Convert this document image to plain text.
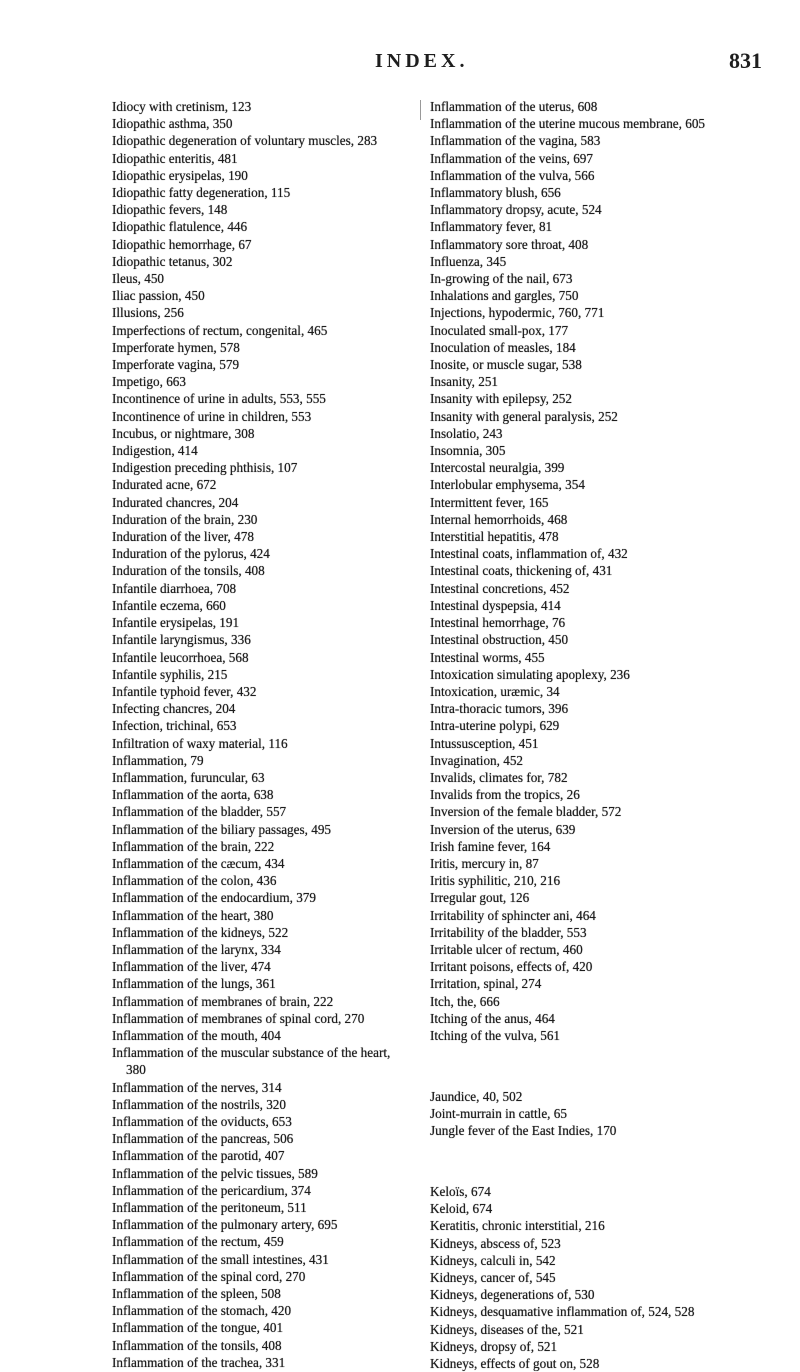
INDEX.	831

Idiocy with cretinism, 123

Idiopathic asthma, 350

Idiopathic degeneration of voluntary muscles, 283

Idiopathic enteritis, 481

Idiopathic erysipelas, 190

Idiopathic fatty degeneration, 115

Idiopathic fevers, 148

Idiopathic flatulence, 446

Idiopathic hemorrhage, 67

Idiopathic tetanus, 302

Ileus, 450

Iliac passion, 450

Illusions, 256

Imperfections of rectum, congenital, 465

Imperforate hymen, 578

Imperforate vagina, 579

Impetigo, 663

Incontinence of urine in adults, 553, 555

Incontinence of urine in children, 553

Incubus, or nightmare, 308

Indigestion, 414

Indigestion preceding phthisis, 107

Indurated acne, 672

Indurated chancres, 204

Induration of the brain, 230

Induration of the liver, 478

Induration of the pylorus, 424

Induration of the tonsils, 408

Infantile diarrhoea, 708

Infantile eczema, 660

Infantile erysipelas, 191

Infantile laryngismus, 336

Infantile leucorrhoea, 568

Infantile syphilis, 215

Infantile typhoid fever, 432

Infecting chancres, 204

Infection, trichinal, 653

Infiltration of waxy material, 116

Inflammation, 79

Inflammation, furuncular, 63

Inflammation of the aorta, 638

Inflammation of the bladder, 557

Inflammation of the biliary passages, 495

Inflammation of the brain, 222

Inflammation of the cæcum, 434

Inflammation of the colon, 436

Inflammation of the endocardium, 379

Inflammation of the heart, 380

Inflammation of the kidneys, 522

Inflammation of the larynx, 334

Inflammation of the liver, 474

Inflammation of the lungs, 361

Inflammation of membranes of brain, 222

Inflammation of membranes of spinal cord, 270

Inflammation of the mouth, 404

Inflammation of the muscular substance of the heart, 380

Inflammation of the nerves, 314

Inflammation of the nostrils, 320

Inflammation of the oviducts, 653

Inflammation of the pancreas, 506

Inflammation of the parotid, 407

Inflammation of the pelvic tissues, 589

Inflammation of the pericardium, 374

Inflammation of the peritoneum, 511

Inflammation of the pulmonary artery, 695

Inflammation of the rectum, 459

Inflammation of the small intestines, 431

Inflammation of the spinal cord, 270

Inflammation of the spleen, 508

Inflammation of the stomach, 420

Inflammation of the tongue, 401

Inflammation of the tonsils, 408

Inflammation of the trachea, 331

Inflammation of the uterus, 608

Inflammation of the uterine mucous membrane, 605

Inflammation of the vagina, 583

Inflammation of the veins, 697

Inflammation of the vulva, 566

Inflammatory blush, 656

Inflammatory dropsy, acute, 524

Inflammatory fever, 81

Inflammatory sore throat, 408

Influenza, 345

In-growing of the nail, 673

Inhalations and gargles, 750

Injections, hypodermic, 760, 771

Inoculated small-pox, 177

Inoculation of measles, 184

Inosite, or muscle sugar, 538

Insanity, 251

Insanity with epilepsy, 252

Insanity with general paralysis, 252

Insolatio, 243

Insomnia, 305

Intercostal neuralgia, 399

Interlobular emphysema, 354

Intermittent fever, 165

Internal hemorrhoids, 468

Interstitial hepatitis, 478

Intestinal coats, inflammation of, 432

Intestinal coats, thickening of, 431

Intestinal concretions, 452

Intestinal dyspepsia, 414

Intestinal hemorrhage, 76

Intestinal obstruction, 450

Intestinal worms, 455

Intoxication simulating apoplexy, 236

Intoxication, uræmic, 34

Intra-thoracic tumors, 396

Intra-uterine polypi, 629

Intussusception, 451

Invagination, 452

Invalids, climates for, 782

Invalids from the tropics, 26

Inversion of the female bladder, 572

Inversion of the uterus, 639

Irish famine fever, 164

Iritis, mercury in, 87

Iritis syphilitic, 210, 216

Irregular gout, 126

Irritability of sphincter ani, 464

Irritability of the bladder, 553

Irritable ulcer of rectum, 460

Irritant poisons, effects of, 420

Irritation, spinal, 274

Itch, the, 666

Itching of the anus, 464

Itching of the vulva, 561

Jaundice, 40, 502

Joint-murrain in cattle, 65

Jungle fever of the East Indies, 170

Keloïs, 674

Keloid, 674

Keratitis, chronic interstitial, 216

Kidneys, abscess of, 523

Kidneys, calculi in, 542

Kidneys, cancer of, 545

Kidneys, degenerations of, 530

Kidneys, desquamative inflammation of, 524, 528

Kidneys, diseases of the, 521

Kidneys, dropsy of, 521

Kidneys, effects of gout on, 528
